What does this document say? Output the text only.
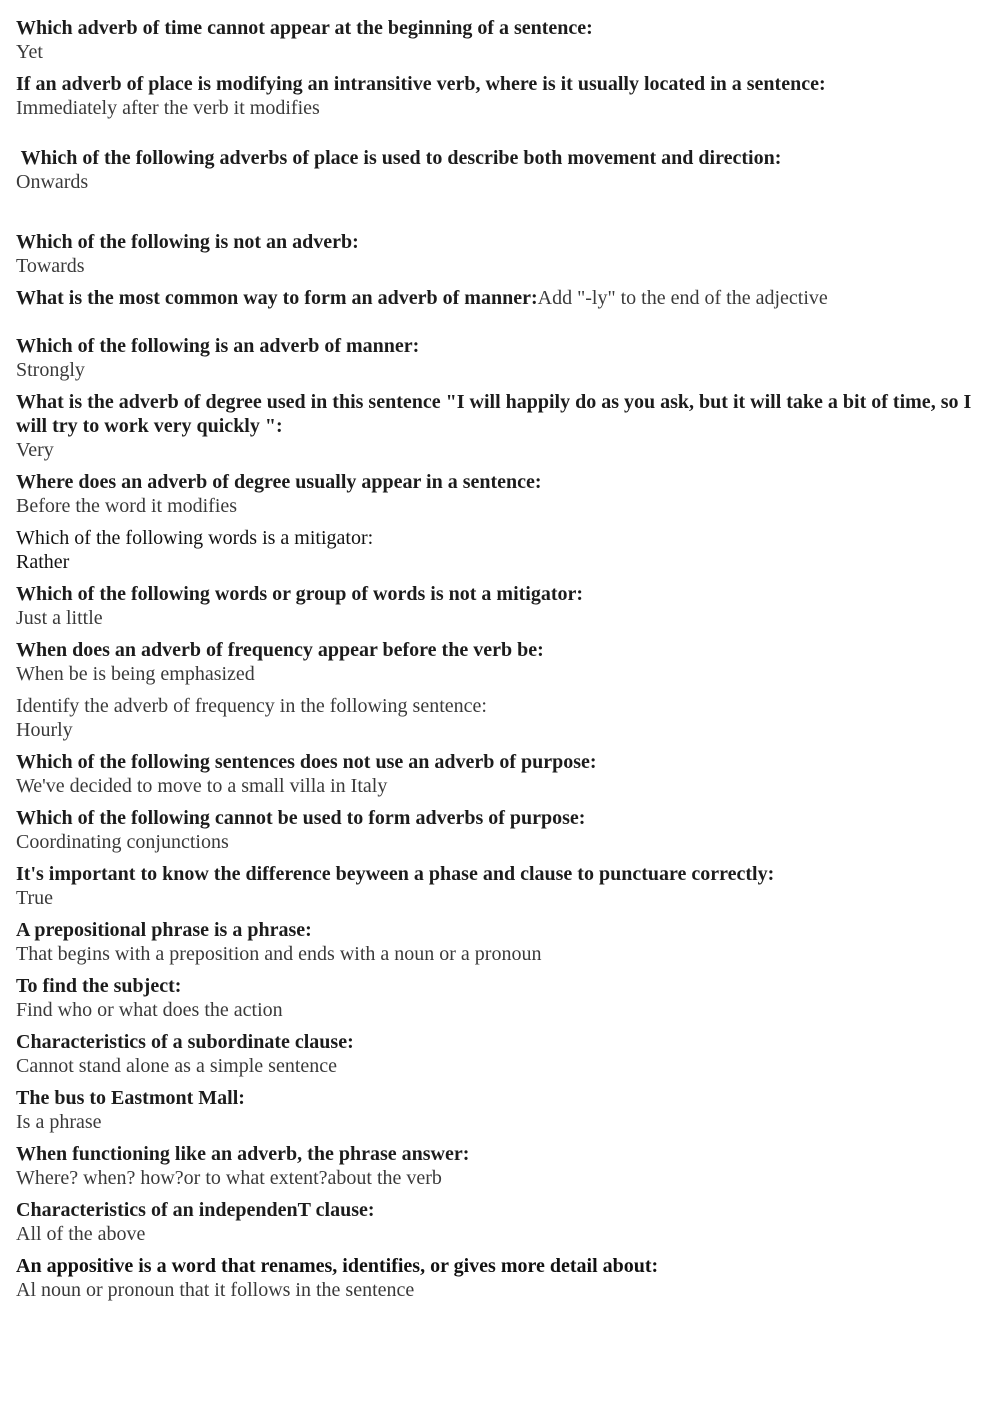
Which adverb of time cannot appear at the beginning of a sentence:
Yet
If an adverb of place is modifying an intransitive verb, where is it usually located in a sentence:
Immediately after the verb it modifies
Which of the following adverbs of place is used to describe both movement and direction:
Onwards
Which of the following is not an adverb:
Towards
What is the most common way to form an adverb of manner:Add "-ly" to the end of the adjective
Which of the following is an adverb of manner:
Strongly
What is the adverb of degree used in this sentence "I will happily do as you ask, but it will take a bit of time, so I will try to work very quickly ":
Very
Where does an adverb of degree usually appear in a sentence:
Before the word it modifies
Which of the following words is a mitigator:
Rather
Which of the following words or group of words is not a mitigator:
Just a little
When does an adverb of frequency appear before the verb be:
When be is being emphasized
Identify the adverb of frequency in the following sentence:
Hourly
Which of the following sentences does not use an adverb of purpose:
We've decided to move to a small villa in Italy
Which of the following cannot be used to form adverbs of purpose:
Coordinating conjunctions
It's important to know the difference beyween a phase and clause to punctuare correctly:
True
A prepositional phrase is a phrase:
That begins with a preposition and ends with a noun or a pronoun
To find the subject:
Find who or what does the action
Characteristics of a subordinate clause:
Cannot stand alone as a simple sentence
The bus to Eastmont Mall:
Is a phrase
When functioning like an adverb, the phrase answer:
Where? when? how?or to what extent?about the verb
Characteristics of an independenT clause:
All of the above
An appositive is a word that renames, identifies, or gives more detail about:
Al noun or pronoun that it follows in the sentence
